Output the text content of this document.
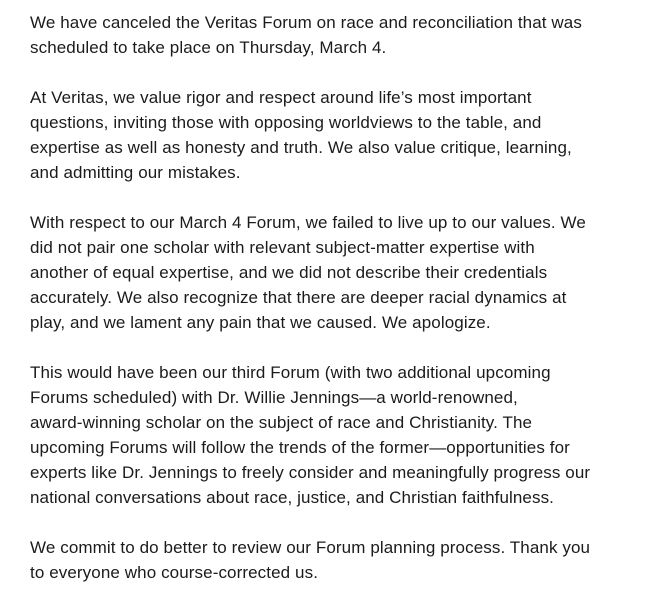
We have canceled the Veritas Forum on race and reconciliation that was
scheduled to take place on Thursday, March 4.
At Veritas, we value rigor and respect around life’s most important
questions, inviting those with opposing worldviews to the table, and
expertise as well as honesty and truth. We also value critique, learning,
and admitting our mistakes.
With respect to our March 4 Forum, we failed to live up to our values. We
did not pair one scholar with relevant subject-matter expertise with
another of equal expertise, and we did not describe their credentials
accurately. We also recognize that there are deeper racial dynamics at
play, and we lament any pain that we caused. We apologize.
This would have been our third Forum (with two additional upcoming
Forums scheduled) with Dr. Willie Jennings—a world-renowned,
award-winning scholar on the subject of race and Christianity. The
upcoming Forums will follow the trends of the former—opportunities for
experts like Dr. Jennings to freely consider and meaningfully progress our
national conversations about race, justice, and Christian faithfulness.
We commit to do better to review our Forum planning process. Thank you
to everyone who course-corrected us.
